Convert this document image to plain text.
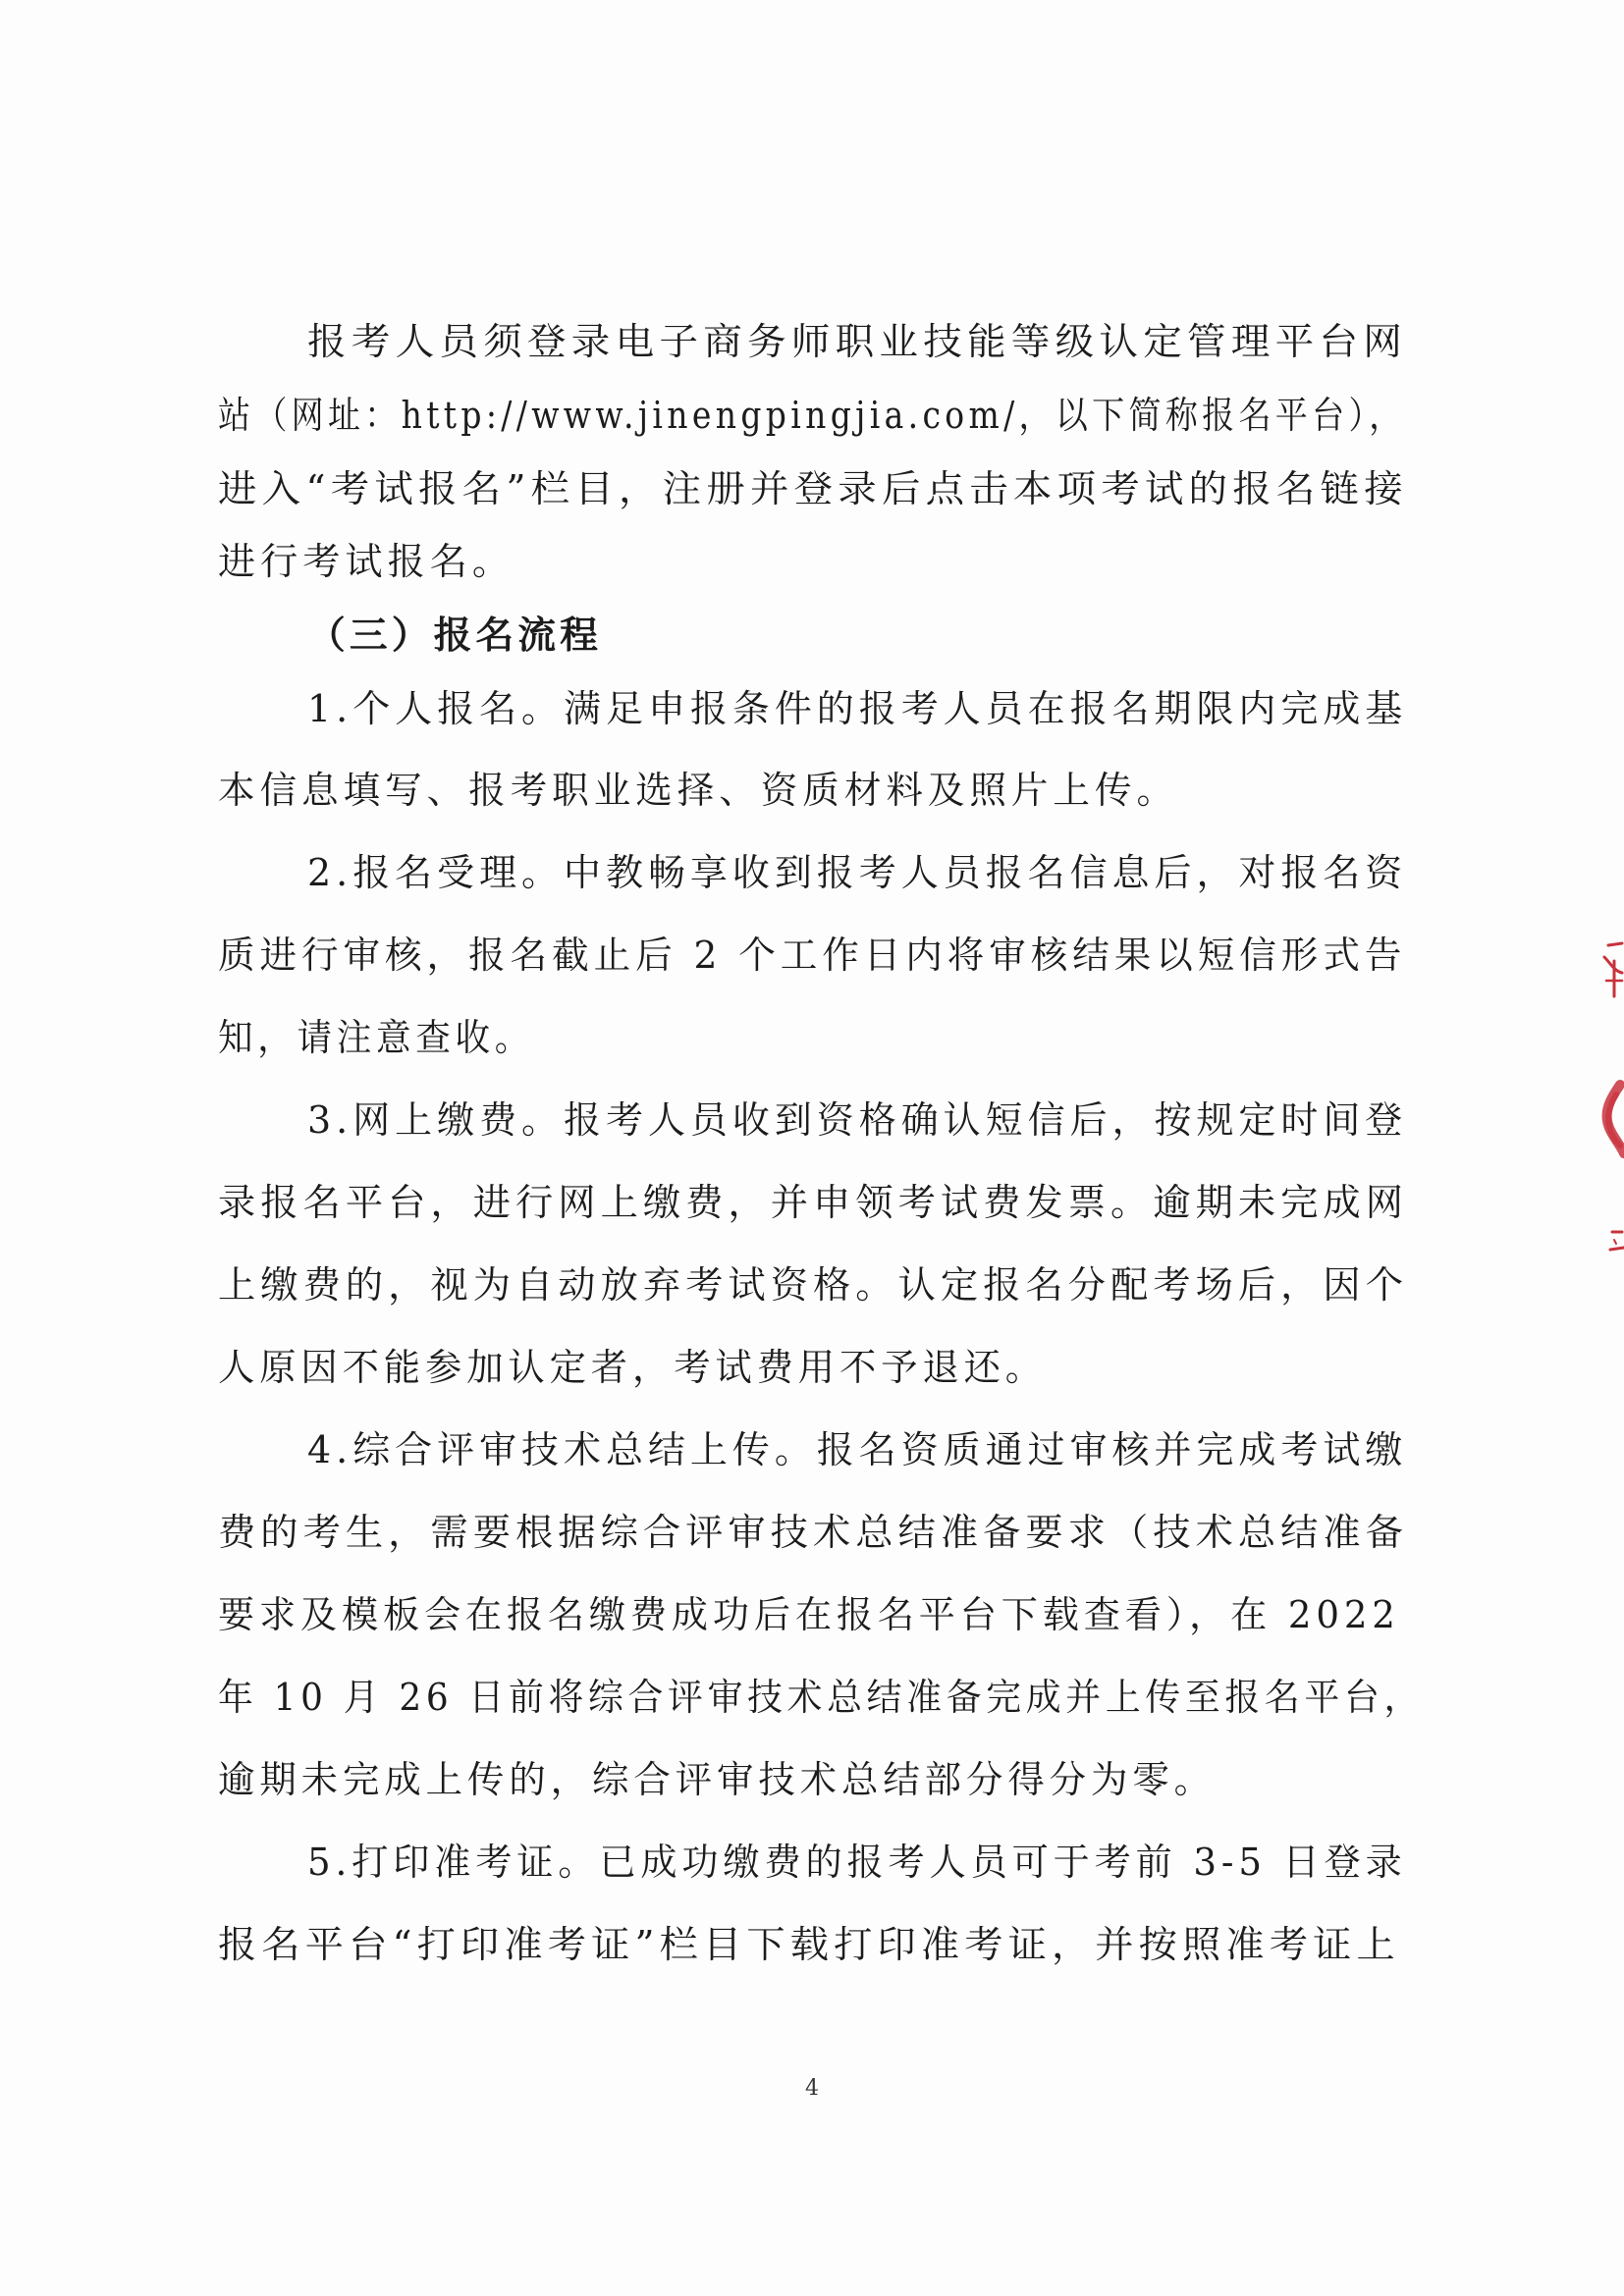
报考人员须登录电子商务师职业技能等级认定管理平台网
站（网址：http://www.jinengpingjia.com/，以下简称报名平台），
进入“考试报名”栏目，注册并登录后点击本项考试的报名链接
进行考试报名。
（三）报名流程
1.个人报名。满足申报条件的报考人员在报名期限内完成基
本信息填写、报考职业选择、资质材料及照片上传。
2.报名受理。中教畅享收到报考人员报名信息后，对报名资
质进行审核，报名截止后 2 个工作日内将审核结果以短信形式告
知，请注意查收。
3.网上缴费。报考人员收到资格确认短信后，按规定时间登
录报名平台，进行网上缴费，并申领考试费发票。逾期未完成网
上缴费的，视为自动放弃考试资格。认定报名分配考场后，因个
人原因不能参加认定者，考试费用不予退还。
4.综合评审技术总结上传。报名资质通过审核并完成考试缴
费的考生，需要根据综合评审技术总结准备要求（技术总结准备
要求及模板会在报名缴费成功后在报名平台下载查看），在 2022
年 10 月 26 日前将综合评审技术总结准备完成并上传至报名平台，
逾期未完成上传的，综合评审技术总结部分得分为零。
5.打印准考证。已成功缴费的报考人员可于考前 3-5 日登录
报名平台“打印准考证”栏目下载打印准考证，并按照准考证上
4
